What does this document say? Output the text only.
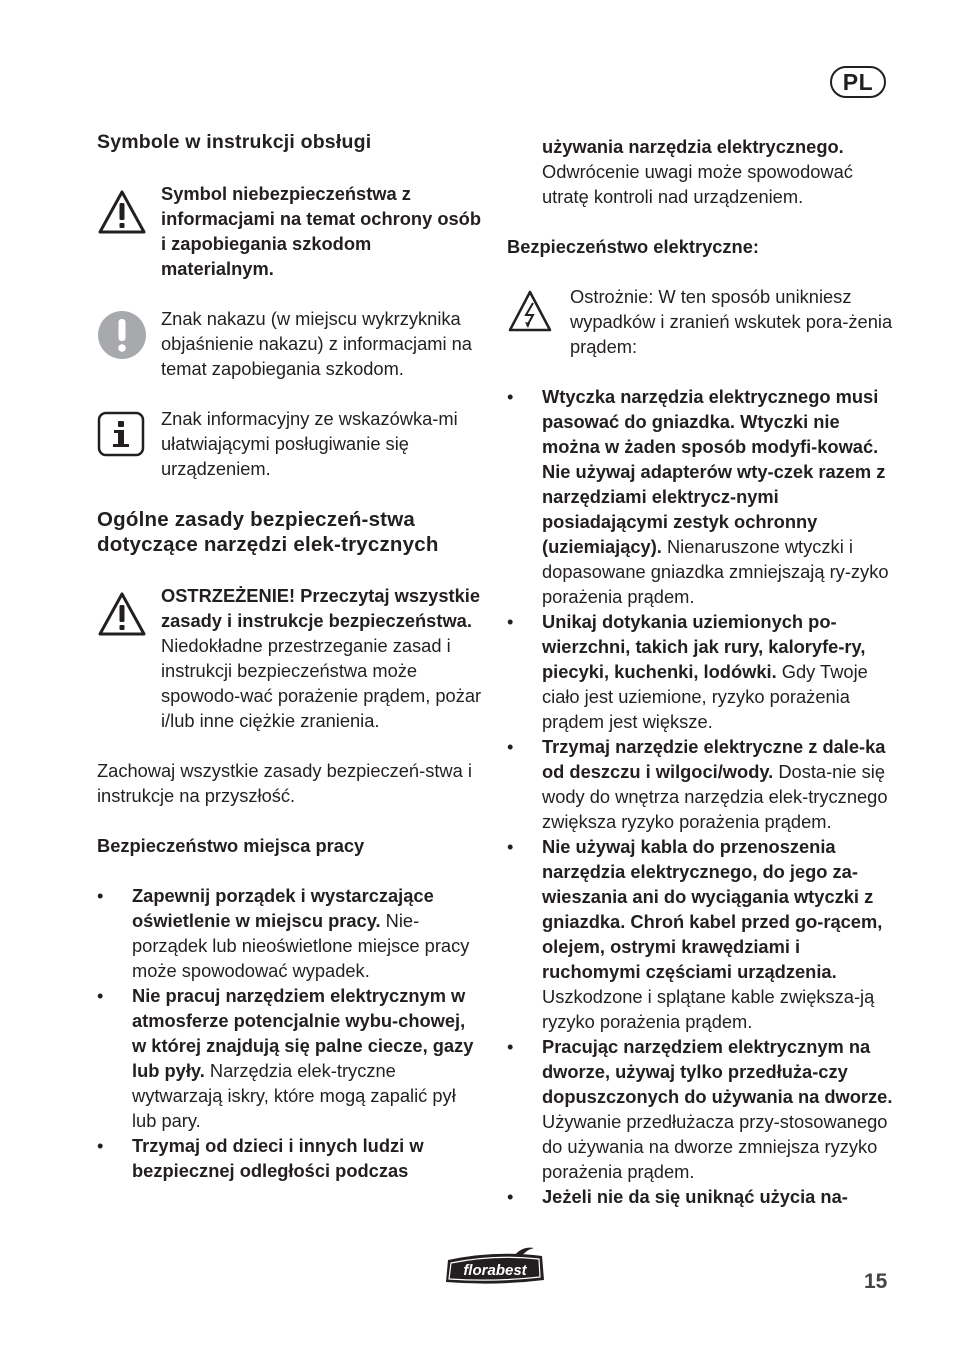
PL
Symbole w instrukcji obsługi

Symbol niebezpieczeństwa z informacjami na temat ochrony osób i zapobiegania szkodom materialnym.

Znak nakazu (w miejscu wykrzyknika objaśnienie nakazu) z informacjami na temat zapobiegania szkodom.

Znak informacyjny ze wskazówka-mi ułatwiającymi posługiwanie się urządzeniem.

Ogólne zasady bezpieczeń-stwa dotyczące narzędzi elek-trycznych

OSTRZEŻENIE! Przeczytaj wszystkie zasady i instrukcje bezpieczeństwa. Niedokładne przestrzeganie zasad i instrukcji bezpieczeństwa może spowodo-wać porażenie prądem, pożar i/lub inne ciężkie zranienia.

Zachowaj wszystkie zasady bezpieczeń-stwa i instrukcje na przyszłość.

Bezpieczeństwo miejsca pracy

• Zapewnij porządek i wystarczające oświetlenie w miejscu pracy. Nie-porządek lub nieoświetlone miejsce pracy może spowodować wypadek.
• Nie pracuj narzędziem elektrycznym w atmosferze potencjalnie wybu-chowej, w której znajdują się palne ciecze, gazy lub pyły. Narzędzia elek-tryczne wytwarzają iskry, które mogą zapalić pył lub pary.
• Trzymaj od dzieci i innych ludzi w bezpiecznej odległości podczas

używania narzędzia elektrycznego.
Odwrócenie uwagi może spowodować utratę kontroli nad urządzeniem.

Bezpieczeństwo elektryczne:

Ostrożnie: W ten sposób unikniesz wypadków i zranień wskutek pora-żenia prądem:

• Wtyczka narzędzia elektrycznego musi pasować do gniazdka. Wtyczki nie można w żaden sposób modyfi-kować. Nie używaj adapterów wty-czek razem z narzędziami elektrycz-nymi posiadającymi zestyk ochronny (uziemiający). Nienaruszone wtyczki i dopasowane gniazdka zmniejszają ry-zyko porażenia prądem.
• Unikaj dotykania uziemionych po-wierzchni, takich jak rury, kaloryfe-ry, piecyki, kuchenki, lodówki. Gdy Twoje ciało jest uziemione, ryzyko porażenia prądem jest większe.
• Trzymaj narzędzie elektryczne z dale-ka od deszczu i wilgoci/wody. Dosta-nie się wody do wnętrza narzędzia elek-trycznego zwiększa ryzyko porażenia prądem.
• Nie używaj kabla do przenoszenia narzędzia elektrycznego, do jego za-wieszania ani do wyciągania wtyczki z gniazdka. Chroń kabel przed go-rącem, olejem, ostrymi krawędziami i ruchomymi częściami urządzenia. Uszkodzone i splątane kable zwiększa-ją ryzyko porażenia prądem.
• Pracując narzędziem elektrycznym na dworze, używaj tylko przedłuża-czy dopuszczonych do używania na dworze. Używanie przedłużacza przy-stosowanego do używania na dworze zmniejsza ryzyko porażenia prądem.
• Jeżeli nie da się uniknąć użycia na-
florabest	15
